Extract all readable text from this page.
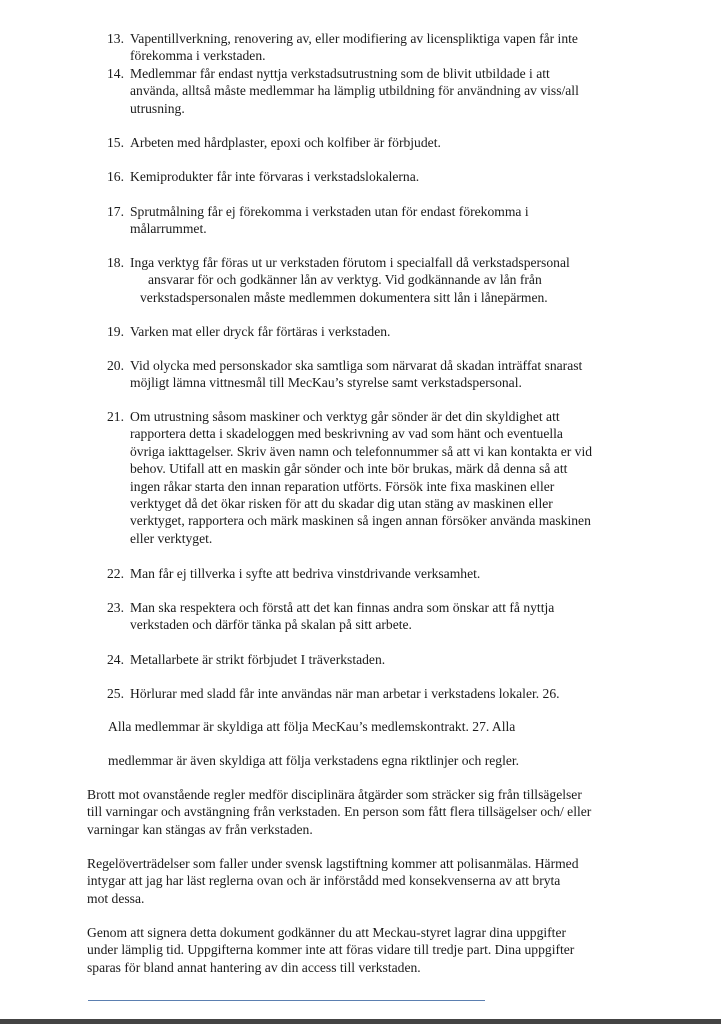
13. Vapentillverkning, renovering av, eller modifiering av licenspliktiga vapen får inte
förekomma i verkstaden.
14. Medlemmar får endast nyttja verkstadsutrustning som de blivit utbildade i att
använda, alltså måste medlemmar ha lämplig utbildning för användning av viss/all
utrusning.
15. Arbeten med hårdplaster, epoxi och kolfiber är förbjudet.
16. Kemiprodukter får inte förvaras i verkstadslokalerna.
17. Sprutmålning får ej förekomma i verkstaden utan för endast förekomma i
målarrummet.
18. Inga verktyg får föras ut ur verkstaden förutom i specialfall då verkstadspersonal
ansvarar för och godkänner lån av verktyg. Vid godkännande av lån från
verkstadspersonalen måste medlemmen dokumentera sitt lån i lånepärmen.
19. Varken mat eller dryck får förtäras i verkstaden.
20. Vid olycka med personskador ska samtliga som närvarat då skadan inträffat snarast
möjligt lämna vittnesmål till MecKau’s styrelse samt verkstadspersonal.
21. Om utrustning såsom maskiner och verktyg går sönder är det din skyldighet att
rapportera detta i skadeloggen med beskrivning av vad som hänt och eventuella
övriga iakttagelser. Skriv även namn och telefonnummer så att vi kan kontakta er vid
behov. Utifall att en maskin går sönder och inte bör brukas, märk då denna så att
ingen råkar starta den innan reparation utförts. Försök inte fixa maskinen eller
verktyget då det ökar risken för att du skadar dig utan stäng av maskinen eller
verktyget, rapportera och märk maskinen så ingen annan försöker använda maskinen
eller verktyget.
22. Man får ej tillverka i syfte att bedriva vinstdrivande verksamhet.
23. Man ska respektera och förstå att det kan finnas andra som önskar att få nyttja
verkstaden och därför tänka på skalan på sitt arbete.
24. Metallarbete är strikt förbjudet I träverkstaden.
25. Hörlurar med sladd får inte användas när man arbetar i verkstadens lokaler. 26.
Alla medlemmar är skyldiga att följa MecKau’s medlemskontrakt. 27. Alla
medlemmar är även skyldiga att följa verkstadens egna riktlinjer och regler.
Brott mot ovanstående regler medför disciplinära åtgärder som sträcker sig från tillsägelser
till varningar och avstängning från verkstaden. En person som fått flera tillsägelser och/ eller
varningar kan stängas av från verkstaden.
Regelöverträdelser som faller under svensk lagstiftning kommer att polisanmälas. Härmed
intygar att jag har läst reglerna ovan och är införstådd med konsekvenserna av att bryta
mot dessa.
Genom att signera detta dokument godkänner du att Meckau-styret lagrar dina uppgifter
under lämplig tid. Uppgifterna kommer inte att föras vidare till tredje part. Dina uppgifter
sparas för bland annat hantering av din access till verkstaden.
